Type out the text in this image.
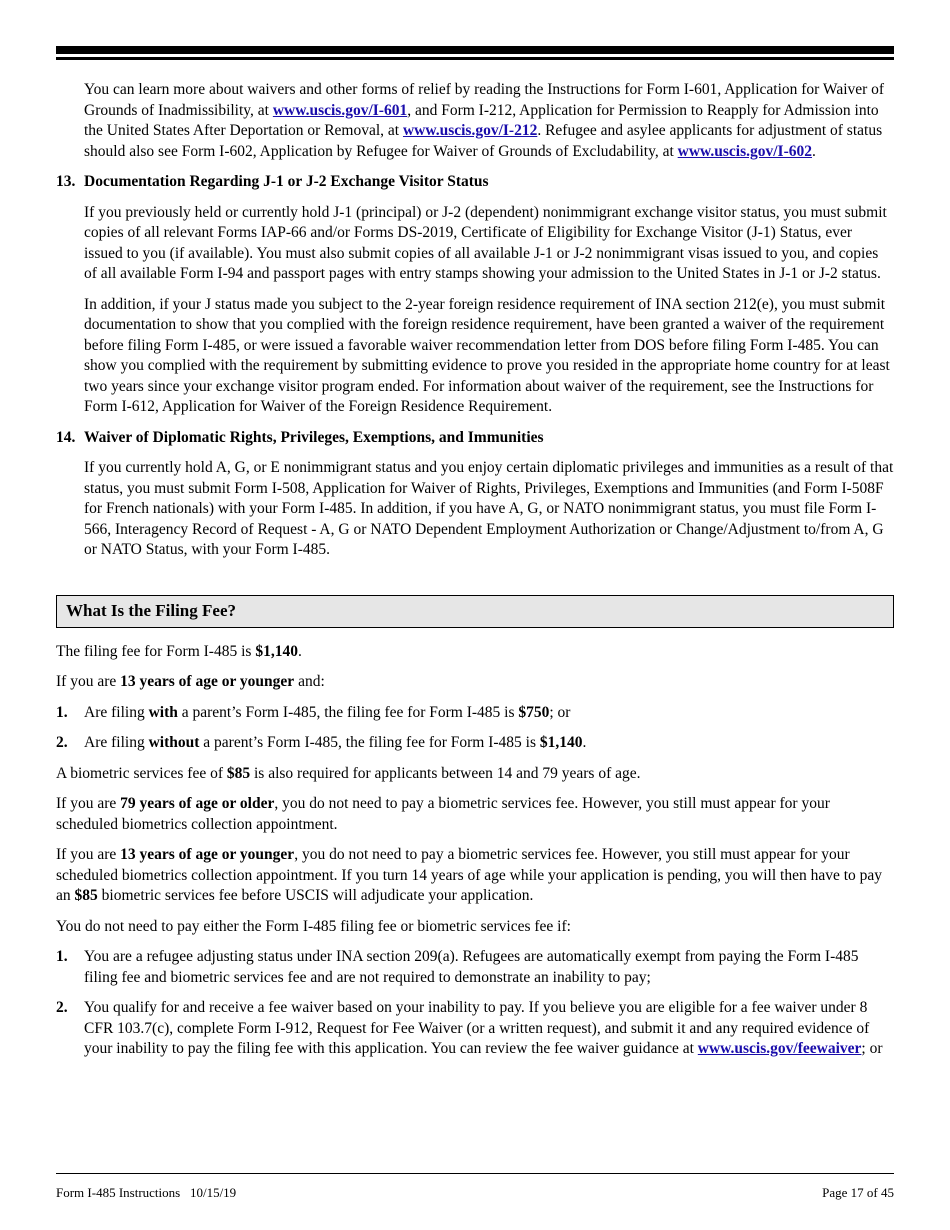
You can learn more about waivers and other forms of relief by reading the Instructions for Form I-601, Application for Waiver of Grounds of Inadmissibility, at www.uscis.gov/I-601, and Form I-212, Application for Permission to Reapply for Admission into the United States After Deportation or Removal, at www.uscis.gov/I-212. Refugee and asylee applicants for adjustment of status should also see Form I-602, Application by Refugee for Waiver of Grounds of Excludability, at www.uscis.gov/I-602.

13. Documentation Regarding J-1 or J-2 Exchange Visitor Status

If you previously held or currently hold J-1 (principal) or J-2 (dependent) nonimmigrant exchange visitor status, you must submit copies of all relevant Forms IAP-66 and/or Forms DS-2019, Certificate of Eligibility for Exchange Visitor (J-1) Status, ever issued to you (if available). You must also submit copies of all available J-1 or J-2 nonimmigrant visas issued to you, and copies of all available Form I-94 and passport pages with entry stamps showing your admission to the United States in J-1 or J-2 status.

In addition, if your J status made you subject to the 2-year foreign residence requirement of INA section 212(e), you must submit documentation to show that you complied with the foreign residence requirement, have been granted a waiver of the requirement before filing Form I-485, or were issued a favorable waiver recommendation letter from DOS before filing Form I-485. You can show you complied with the requirement by submitting evidence to prove you resided in the appropriate home country for at least two years since your exchange visitor program ended. For information about waiver of the requirement, see the Instructions for Form I-612, Application for Waiver of the Foreign Residence Requirement.

14. Waiver of Diplomatic Rights, Privileges, Exemptions, and Immunities

If you currently hold A, G, or E nonimmigrant status and you enjoy certain diplomatic privileges and immunities as a result of that status, you must submit Form I-508, Application for Waiver of Rights, Privileges, Exemptions and Immunities (and Form I-508F for French nationals) with your Form I-485. In addition, if you have A, G, or NATO nonimmigrant status, you must file Form I-566, Interagency Record of Request - A, G or NATO Dependent Employment Authorization or Change/Adjustment to/from A, G or NATO Status, with your Form I-485.

What Is the Filing Fee?

The filing fee for Form I-485 is $1,140.

If you are 13 years of age or younger and:

1.	Are filing with a parent’s Form I-485, the filing fee for Form I-485 is $750; or
2.	Are filing without a parent’s Form I-485, the filing fee for Form I-485 is $1,140.

A biometric services fee of $85 is also required for applicants between 14 and 79 years of age.

If you are 79 years of age or older, you do not need to pay a biometric services fee. However, you still must appear for your scheduled biometrics collection appointment.

If you are 13 years of age or younger, you do not need to pay a biometric services fee. However, you still must appear for your scheduled biometrics collection appointment. If you turn 14 years of age while your application is pending, you will then have to pay an $85 biometric services fee before USCIS will adjudicate your application.

You do not need to pay either the Form I-485 filing fee or biometric services fee if:

1.	You are a refugee adjusting status under INA section 209(a). Refugees are automatically exempt from paying the Form I-485 filing fee and biometric services fee and are not required to demonstrate an inability to pay;
2.	You qualify for and receive a fee waiver based on your inability to pay. If you believe you are eligible for a fee waiver under 8 CFR 103.7(c), complete Form I-912, Request for Fee Waiver (or a written request), and submit it and any required evidence of your inability to pay the filing fee with this application. You can review the fee waiver guidance at www.uscis.gov/feewaiver; or
Form I-485 Instructions   10/15/19	Page 17 of 45
